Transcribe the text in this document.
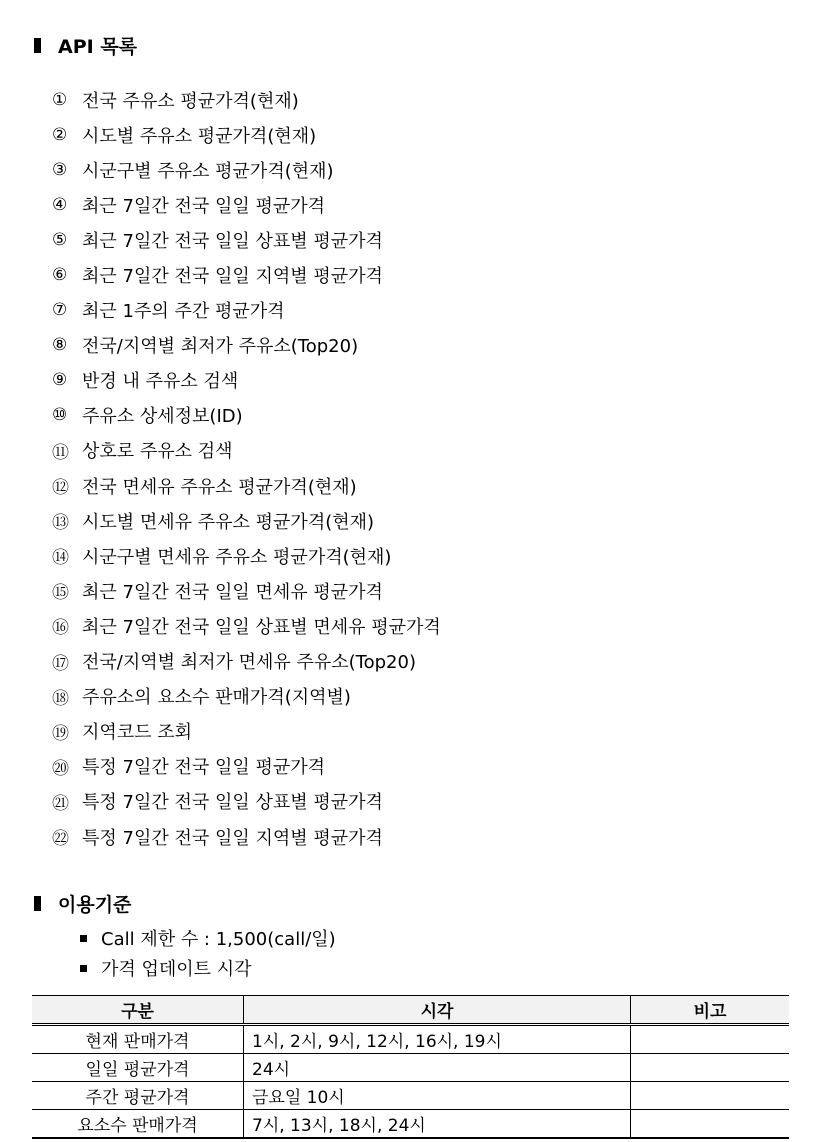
API 목록
① 전국 주유소 평균가격(현재)
② 시도별 주유소 평균가격(현재)
③ 시군구별 주유소 평균가격(현재)
④ 최근 7일간 전국 일일 평균가격
⑤ 최근 7일간 전국 일일 상표별 평균가격
⑥ 최근 7일간 전국 일일 지역별 평균가격
⑦ 최근 1주의 주간 평균가격
⑧ 전국/지역별 최저가 주유소(Top20)
⑨ 반경 내 주유소 검색
⑩ 주유소 상세정보(ID)
⑪ 상호로 주유소 검색
⑫ 전국 면세유 주유소 평균가격(현재)
⑬ 시도별 면세유 주유소 평균가격(현재)
⑭ 시군구별 면세유 주유소 평균가격(현재)
⑮ 최근 7일간 전국 일일 면세유 평균가격
⑯ 최근 7일간 전국 일일 상표별 면세유 평균가격
⑰ 전국/지역별 최저가 면세유 주유소(Top20)
⑱ 주유소의 요소수 판매가격(지역별)
⑲ 지역코드 조회
⑳ 특정 7일간 전국 일일 평균가격
㉑ 특정 7일간 전국 일일 상표별 평균가격
㉒ 특정 7일간 전국 일일 지역별 평균가격
이용기준
Call 제한 수 : 1,500(call/일)
가격 업데이트 시각
구분	시각	비고
현재 판매가격	1시, 2시, 9시, 12시, 16시, 19시	
일일 평균가격	24시	
주간 평균가격	금요일 10시	
요소수 판매가격	7시, 13시, 18시, 24시	
